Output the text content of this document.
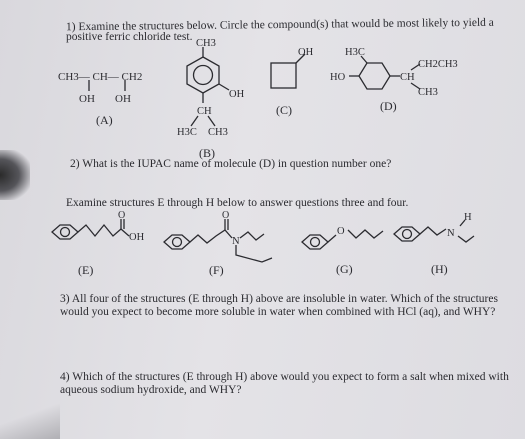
1) Examine the structures below. Circle the compound(s) that would be most likely to yield a
positive ferric chloride test.
CH3— CH— CH2
OH OH
CH3
OH
CH
H3C CH3
OH
HO
H3C
CH2CH3
CH
CH3
O
OH
O
N
O	N
H
(A)
(B)
(C)	(D)
2) What is the IUPAC name of molecule (D) in question number one?
Examine structures E through H below to answer questions three and four.
(E)	(F)	(G)	(H)
3) All four of the structures (E through H) above are insoluble in water. Which of the structures
would you expect to become more soluble in water when combined with HCl (aq), and WHY?
4) Which of the structures (E through H) above would you expect to form a salt when mixed with
aqueous sodium hydroxide, and WHY?
